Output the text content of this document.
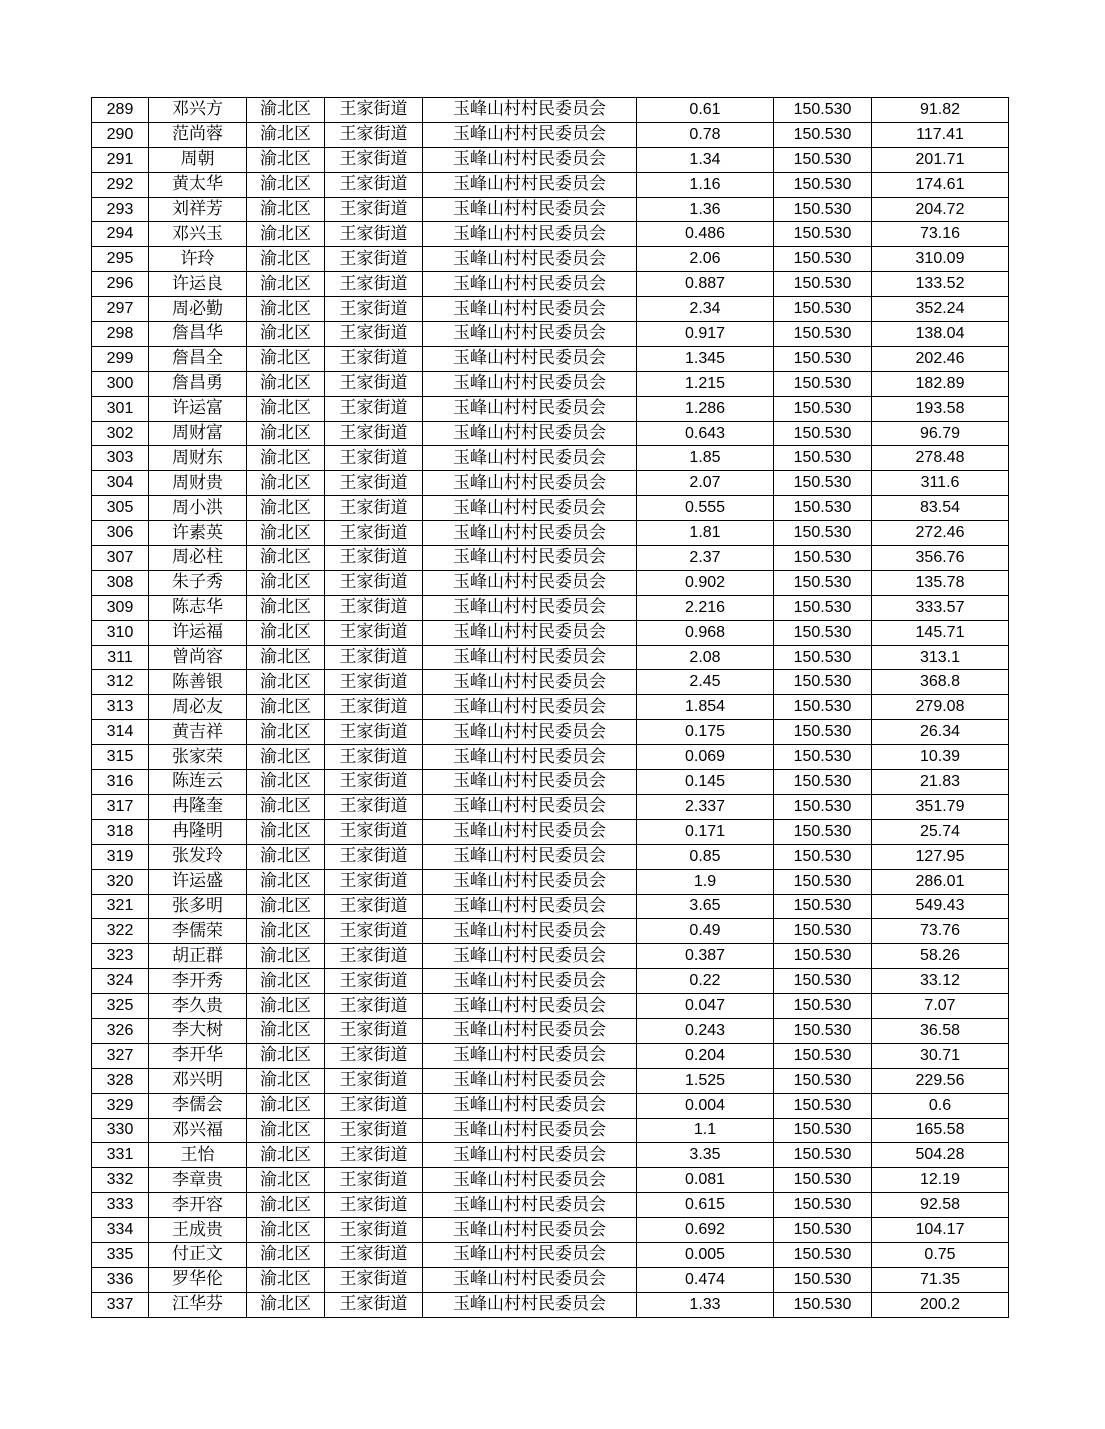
289	邓兴方	渝北区	王家街道	玉峰山村村民委员会	0.61	150.530	91.82
290	范尚蓉	渝北区	王家街道	玉峰山村村民委员会	0.78	150.530	117.41
291	周朝	渝北区	王家街道	玉峰山村村民委员会	1.34	150.530	201.71
292	黄太华	渝北区	王家街道	玉峰山村村民委员会	1.16	150.530	174.61
293	刘祥芳	渝北区	王家街道	玉峰山村村民委员会	1.36	150.530	204.72
294	邓兴玉	渝北区	王家街道	玉峰山村村民委员会	0.486	150.530	73.16
295	许玲	渝北区	王家街道	玉峰山村村民委员会	2.06	150.530	310.09
296	许运良	渝北区	王家街道	玉峰山村村民委员会	0.887	150.530	133.52
297	周必勤	渝北区	王家街道	玉峰山村村民委员会	2.34	150.530	352.24
298	詹昌华	渝北区	王家街道	玉峰山村村民委员会	0.917	150.530	138.04
299	詹昌全	渝北区	王家街道	玉峰山村村民委员会	1.345	150.530	202.46
300	詹昌勇	渝北区	王家街道	玉峰山村村民委员会	1.215	150.530	182.89
301	许运富	渝北区	王家街道	玉峰山村村民委员会	1.286	150.530	193.58
302	周财富	渝北区	王家街道	玉峰山村村民委员会	0.643	150.530	96.79
303	周财东	渝北区	王家街道	玉峰山村村民委员会	1.85	150.530	278.48
304	周财贵	渝北区	王家街道	玉峰山村村民委员会	2.07	150.530	311.6
305	周小洪	渝北区	王家街道	玉峰山村村民委员会	0.555	150.530	83.54
306	许素英	渝北区	王家街道	玉峰山村村民委员会	1.81	150.530	272.46
307	周必柱	渝北区	王家街道	玉峰山村村民委员会	2.37	150.530	356.76
308	朱子秀	渝北区	王家街道	玉峰山村村民委员会	0.902	150.530	135.78
309	陈志华	渝北区	王家街道	玉峰山村村民委员会	2.216	150.530	333.57
310	许运福	渝北区	王家街道	玉峰山村村民委员会	0.968	150.530	145.71
311	曾尚容	渝北区	王家街道	玉峰山村村民委员会	2.08	150.530	313.1
312	陈善银	渝北区	王家街道	玉峰山村村民委员会	2.45	150.530	368.8
313	周必友	渝北区	王家街道	玉峰山村村民委员会	1.854	150.530	279.08
314	黄吉祥	渝北区	王家街道	玉峰山村村民委员会	0.175	150.530	26.34
315	张家荣	渝北区	王家街道	玉峰山村村民委员会	0.069	150.530	10.39
316	陈连云	渝北区	王家街道	玉峰山村村民委员会	0.145	150.530	21.83
317	冉隆奎	渝北区	王家街道	玉峰山村村民委员会	2.337	150.530	351.79
318	冉隆明	渝北区	王家街道	玉峰山村村民委员会	0.171	150.530	25.74
319	张发玲	渝北区	王家街道	玉峰山村村民委员会	0.85	150.530	127.95
320	许运盛	渝北区	王家街道	玉峰山村村民委员会	1.9	150.530	286.01
321	张多明	渝北区	王家街道	玉峰山村村民委员会	3.65	150.530	549.43
322	李儒荣	渝北区	王家街道	玉峰山村村民委员会	0.49	150.530	73.76
323	胡正群	渝北区	王家街道	玉峰山村村民委员会	0.387	150.530	58.26
324	李开秀	渝北区	王家街道	玉峰山村村民委员会	0.22	150.530	33.12
325	李久贵	渝北区	王家街道	玉峰山村村民委员会	0.047	150.530	7.07
326	李大树	渝北区	王家街道	玉峰山村村民委员会	0.243	150.530	36.58
327	李开华	渝北区	王家街道	玉峰山村村民委员会	0.204	150.530	30.71
328	邓兴明	渝北区	王家街道	玉峰山村村民委员会	1.525	150.530	229.56
329	李儒会	渝北区	王家街道	玉峰山村村民委员会	0.004	150.530	0.6
330	邓兴福	渝北区	王家街道	玉峰山村村民委员会	1.1	150.530	165.58
331	王怡	渝北区	王家街道	玉峰山村村民委员会	3.35	150.530	504.28
332	李章贵	渝北区	王家街道	玉峰山村村民委员会	0.081	150.530	12.19
333	李开容	渝北区	王家街道	玉峰山村村民委员会	0.615	150.530	92.58
334	王成贵	渝北区	王家街道	玉峰山村村民委员会	0.692	150.530	104.17
335	付正文	渝北区	王家街道	玉峰山村村民委员会	0.005	150.530	0.75
336	罗华伦	渝北区	王家街道	玉峰山村村民委员会	0.474	150.530	71.35
337	江华芬	渝北区	王家街道	玉峰山村村民委员会	1.33	150.530	200.2
